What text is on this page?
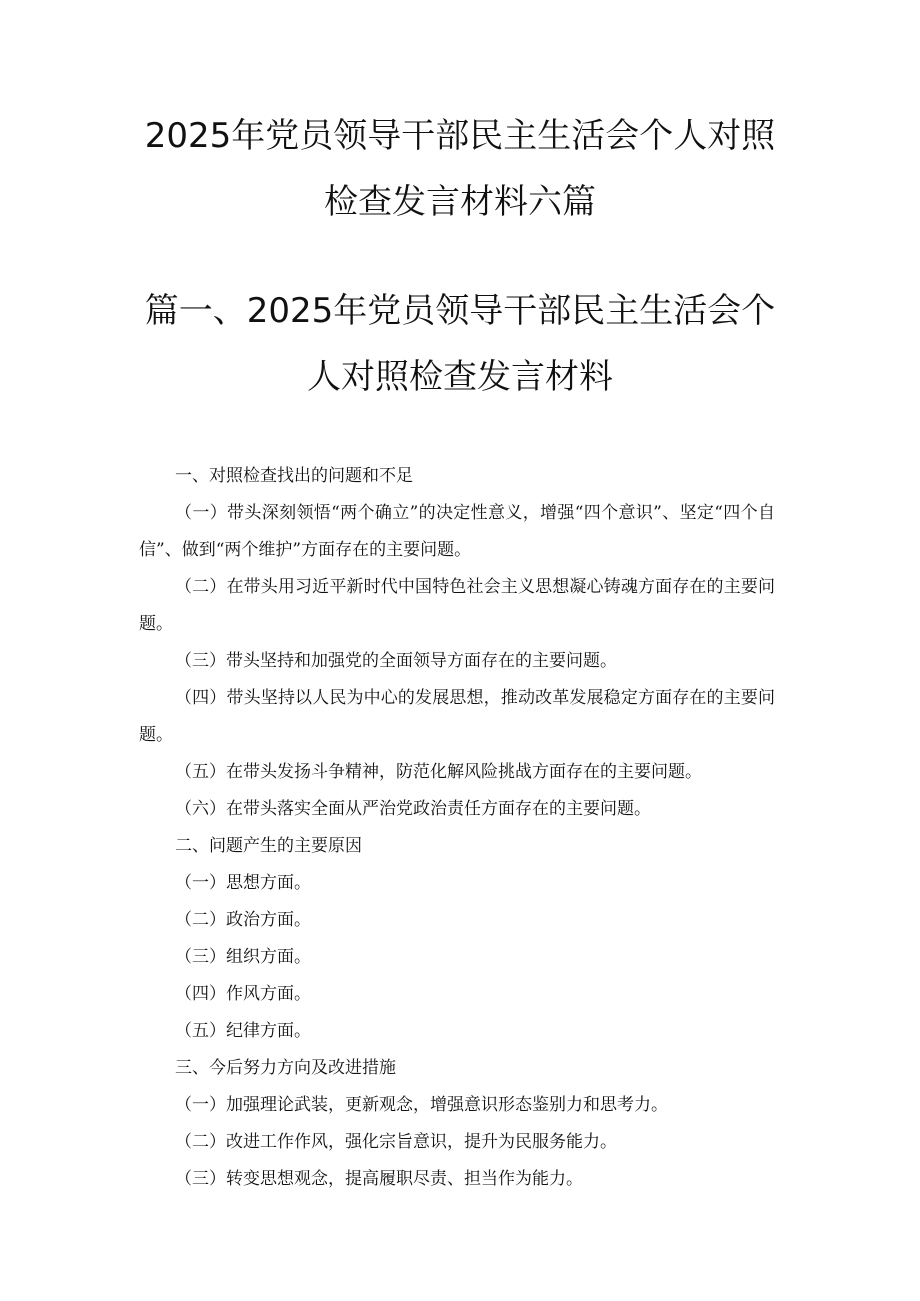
2025年党员领导干部民主生活会个人对照
检查发言材料六篇
篇一、2025年党员领导干部民主生活会个
人对照检查发言材料

一、对照检查找出的问题和不足

（一）带头深刻领悟“两个确立”的决定性意义，增强“四个意识”、坚定“四个自信”、做到“两个维护”方面存在的主要问题。

（二）在带头用习近平新时代中国特色社会主义思想凝心铸魂方面存在的主要问题。

（三）带头坚持和加强党的全面领导方面存在的主要问题。

（四）带头坚持以人民为中心的发展思想，推动改革发展稳定方面存在的主要问题。

（五）在带头发扬斗争精神，防范化解风险挑战方面存在的主要问题。

（六）在带头落实全面从严治党政治责任方面存在的主要问题。

二、问题产生的主要原因

（一）思想方面。

（二）政治方面。

（三）组织方面。

（四）作风方面。

（五）纪律方面。

三、今后努力方向及改进措施

（一）加强理论武装，更新观念，增强意识形态鉴别力和思考力。

（二）改进工作作风，强化宗旨意识，提升为民服务能力。

（三）转变思想观念，提高履职尽责、担当作为能力。
